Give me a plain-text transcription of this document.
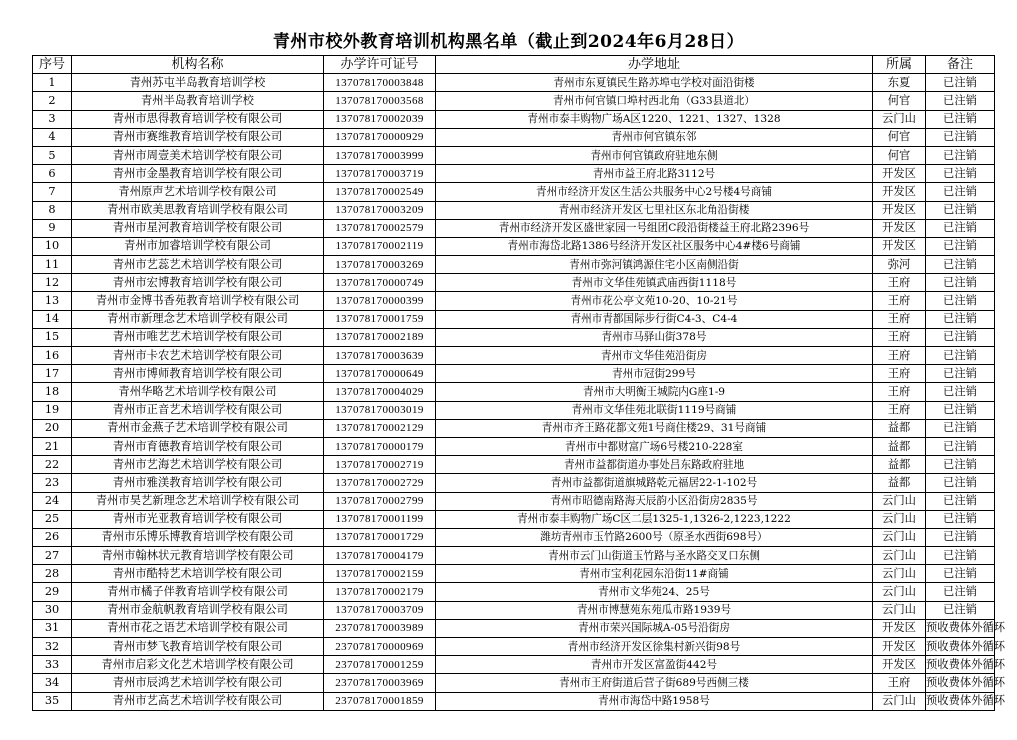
青州市校外教育培训机构黑名单（截止到2024年6月28日）
序号	机构名称	办学许可证号	办学地址	所属	备注
1	青州苏屯半岛教育培训学校	137078170003848	青州市东夏镇民生路苏埠屯学校对面沿街楼	东夏	已注销
2	青州半岛教育培训学校	137078170003568	青州市何官镇口埠村西北角（G33县道北）	何官	已注销
3	青州市思得教育培训学校有限公司	137078170002039	青州市泰丰购物广场A区1220、1221、1327、1328	云门山	已注销
4	青州市赛维教育培训学校有限公司	137078170000929	青州市何官镇东邻	何官	已注销
5	青州市周壹美术培训学校有限公司	137078170003999	青州市何官镇政府驻地东侧	何官	已注销
6	青州市金墨教育培训学校有限公司	137078170003719	青州市益王府北路3112号	开发区	已注销
7	青州原声艺术培训学校有限公司	137078170002549	青州市经济开发区生活公共服务中心2号楼4号商铺	开发区	已注销
8	青州市欧美思教育培训学校有限公司	137078170003209	青州市经济开发区七里社区东北角沿街楼	开发区	已注销
9	青州市星河教育培训学校有限公司	137078170002579	青州市经济开发区盛世家园一号组团C段沿街楼益王府北路2396号	开发区	已注销
10	青州市加睿培训学校有限公司	137078170002119	青州市海岱北路1386号经济开发区社区服务中心4#楼6号商铺	开发区	已注销
11	青州市艺蕊艺术培训学校有限公司	137078170003269	青州市弥河镇鸿源住宅小区南侧沿街	弥河	已注销
12	青州市宏博教育培训学校有限公司	137078170000749	青州市文华佳苑镇武庙西街1118号	王府	已注销
13	青州市金博书香苑教育培训学校有限公司	137078170000399	青州市花公亭文苑10-20、10-21号	王府	已注销
14	青州市新理念艺术培训学校有限公司	137078170001759	青州市青都国际步行街C4-3、C4-4	王府	已注销
15	青州市唯艺艺术培训学校有限公司	137078170002189	青州市马驿山街378号	王府	已注销
16	青州市卡农艺术培训学校有限公司	137078170003639	青州市文华佳苑沿街房	王府	已注销
17	青州市博师教育培训学校有限公司	137078170000649	青州市冠街299号	王府	已注销
18	青州华略艺术培训学校有限公司	137078170004029	青州市大明衡王城院内G座1-9	王府	已注销
19	青州市正音艺术培训学校有限公司	137078170003019	青州市文华佳苑北联街1119号商铺	王府	已注销
20	青州市金燕子艺术培训学校有限公司	137078170002129	青州市齐王路花都文苑1号商住楼29、31号商铺	益都	已注销
21	青州市育德教育培训学校有限公司	137078170000179	青州市中都财富广场6号楼210-228室	益都	已注销
22	青州市艺海艺术培训学校有限公司	137078170002719	青州市益都街道办事处吕东路政府驻地	益都	已注销
23	青州市雅渼教育培训学校有限公司	137078170002729	青州市益都街道旗城路乾元福居22-1-102号	益都	已注销
24	青州市昊艺新理念艺术培训学校有限公司	137078170002799	青州市昭德南路海天辰韵小区沿街房2835号	云门山	已注销
25	青州市光亚教育培训学校有限公司	137078170001199	青州市泰丰购物广场C区二层1325-1,1326-2,1223,1222	云门山	已注销
26	青州市乐博乐博教育培训学校有限公司	137078170001729	潍坊青州市玉竹路2600号（原圣水西街698号）	云门山	已注销
27	青州市翰林状元教育培训学校有限公司	137078170004179	青州市云门山街道玉竹路与圣水路交叉口东侧	云门山	已注销
28	青州市酷特艺术培训学校有限公司	137078170002159	青州市宝利花园东沿街11#商铺	云门山	已注销
29	青州市橘子伴教育培训学校有限公司	137078170002179	青州市文华苑24、25号	云门山	已注销
30	青州市金航帆教育培训学校有限公司	137078170003709	青州市博慧苑东苑瓜市路1939号	云门山	已注销
31	青州市花之语艺术培训学校有限公司	237078170003989	青州市荣兴国际城A-05号沿街房	开发区	预收费体外循环
32	青州市梦飞教育培训学校有限公司	237078170000969	青州市经济开发区徐集村新兴街98号	开发区	预收费体外循环
33	青州市启彩文化艺术培训学校有限公司	237078170001259	青州市开发区富盈街442号	开发区	预收费体外循环
34	青州市辰鸿艺术培训学校有限公司	237078170003969	青州市王府街道后营子街689号西侧三楼	王府	预收费体外循环
35	青州市艺高艺术培训学校有限公司	237078170001859	青州市海岱中路1958号	云门山	预收费体外循环
